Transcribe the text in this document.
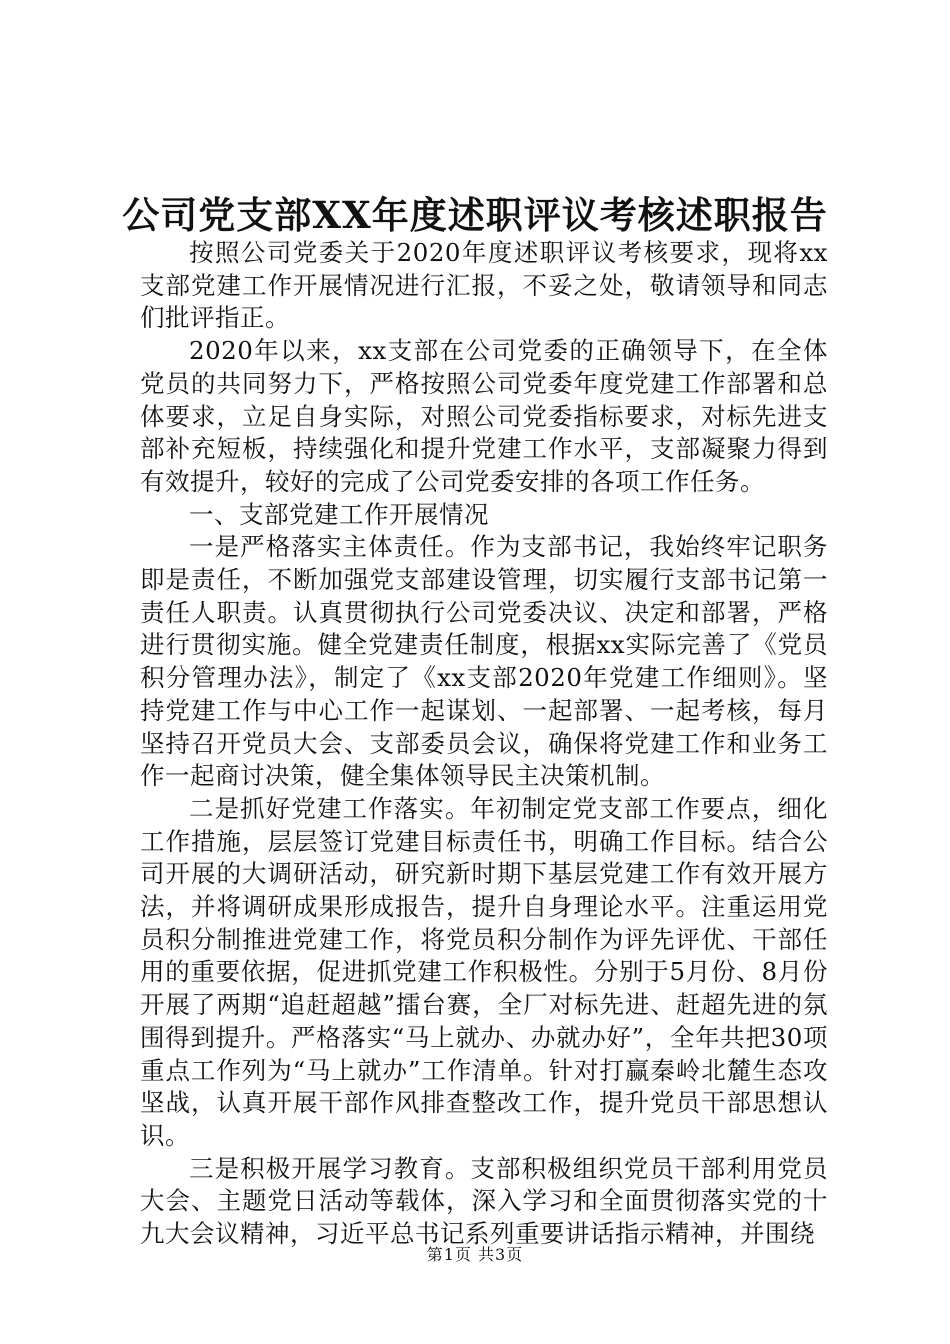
公司党支部XX年度述职评议考核述职报告

按照公司党委关于2020年度述职评议考核要求，现将xx支部党建工作开展情况进行汇报，不妥之处，敬请领导和同志们批评指正。

2020年以来，xx支部在公司党委的正确领导下，在全体党员的共同努力下，严格按照公司党委年度党建工作部署和总体要求，立足自身实际，对照公司党委指标要求，对标先进支部补充短板，持续强化和提升党建工作水平，支部凝聚力得到有效提升，较好的完成了公司党委安排的各项工作任务。

一、支部党建工作开展情况

一是严格落实主体责任。作为支部书记，我始终牢记职务即是责任，不断加强党支部建设管理，切实履行支部书记第一责任人职责。认真贯彻执行公司党委决议、决定和部署，严格进行贯彻实施。健全党建责任制度，根据xx实际完善了《党员积分管理办法》，制定了《xx支部2020年党建工作细则》。坚持党建工作与中心工作一起谋划、一起部署、一起考核，每月坚持召开党员大会、支部委员会议，确保将党建工作和业务工作一起商讨决策，健全集体领导民主决策机制。

二是抓好党建工作落实。年初制定党支部工作要点，细化工作措施，层层签订党建目标责任书，明确工作目标。结合公司开展的大调研活动，研究新时期下基层党建工作有效开展方法，并将调研成果形成报告，提升自身理论水平。注重运用党员积分制推进党建工作，将党员积分制作为评先评优、干部任用的重要依据，促进抓党建工作积极性。分别于5月份、8月份开展了两期“追赶超越”擂台赛，全厂对标先进、赶超先进的氛围得到提升。严格落实“马上就办、办就办好”，全年共把30项重点工作列为“马上就办”工作清单。针对打赢秦岭北麓生态攻坚战，认真开展干部作风排查整改工作，提升党员干部思想认识。

三是积极开展学习教育。支部积极组织党员干部利用党员大会、主题党日活动等载体，深入学习和全面贯彻落实党的十九大会议精神，习近平总书记系列重要讲话指示精神，并围绕

第1页 共3页
